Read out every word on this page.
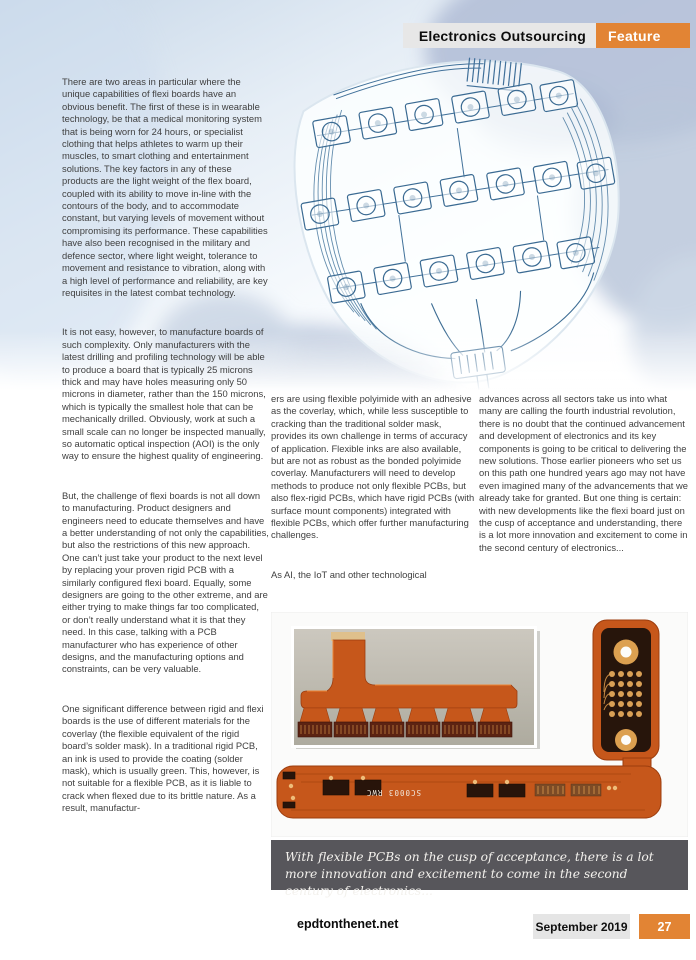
Electronics Outsourcing	Feature

There are two areas in particular where the unique capabilities of flexi boards have an obvious benefit. The first of these is in wearable technology, be that a medical monitoring system that is being worn for 24 hours, or specialist clothing that helps athletes to warm up their muscles, to smart clothing and entertainment solutions. The key factors in any of these products are the light weight of the flex board, coupled with its ability to move in-line with the contours of the body, and to accommodate constant, but varying levels of movement without compromising its performance. These capabilities have also been recognised in the military and defence sector, where light weight, tolerance to movement and resistance to vibration, along with a high level of performance and reliability, are key requisites in the latest combat technology.

It is not easy, however, to manufacture boards of such complexity. Only manufacturers with the latest drilling and profiling technology will be able to produce a board that is typically 25 microns thick and may have holes measuring only 50 microns in diameter, rather than the 150 microns, which is typically the smallest hole that can be mechanically drilled. Obviously, work at such a small scale can no longer be inspected manually, so automatic optical inspection (AOI) is the only way to ensure the highest quality of engineering.

But, the challenge of flexi boards is not all down to manufacturing. Product designers and engineers need to educate themselves and have a better understanding of not only the capabilities, but also the restrictions of this new approach. One can’t just take your product to the next level by replacing your proven rigid PCB with a similarly configured flexi board. Equally, some designers are going to the other extreme, and are either trying to make things far too complicated, or don’t really understand what it is that they need. In this case, talking with a PCB manufacturer who has experience of other designs, and the manufacturing options and constraints, can be very valuable.

One significant difference between rigid and flexi boards is the use of different materials for the coverlay (the flexible equivalent of the rigid board’s solder mask). In a traditional rigid PCB, an ink is used to provide the coating (solder mask), which is usually green. This, however, is not suitable for a flexible PCB, as it is liable to crack when flexed due to its brittle nature. As a result, manufactur-

ers are using flexible polyimide with an adhesive as the coverlay, which, while less susceptible to cracking than the traditional solder mask, provides its own challenge in terms of accuracy of application. Flexible inks are also available, but are not as robust as the bonded polyimide coverlay. Manufacturers will need to develop methods to produce not only flexible PCBs, but also flex-rigid PCBs, which have rigid PCBs (with surface mount components) integrated with flexible PCBs, which offer further manufacturing challenges.

As AI, the IoT and other technological

advances across all sectors take us into what many are calling the fourth industrial revolution, there is no doubt that the continued advancement and development of electronics and its key components is going to be critical to delivering the new solutions. Those earlier pioneers who set us on this path one hundred years ago may not have even imagined many of the advancements that we already take for granted. But one thing is certain: with new developments like the flexi board just on the cusp of acceptance and understanding, there is a lot more innovation and excitement to come in the second century of electronics...

SC0003 RWC
With flexible PCBs on the cusp of acceptance, there is a lot more innovation and excitement to come in the second century of electronics...
epdtonthenet.net	September 2019 27
